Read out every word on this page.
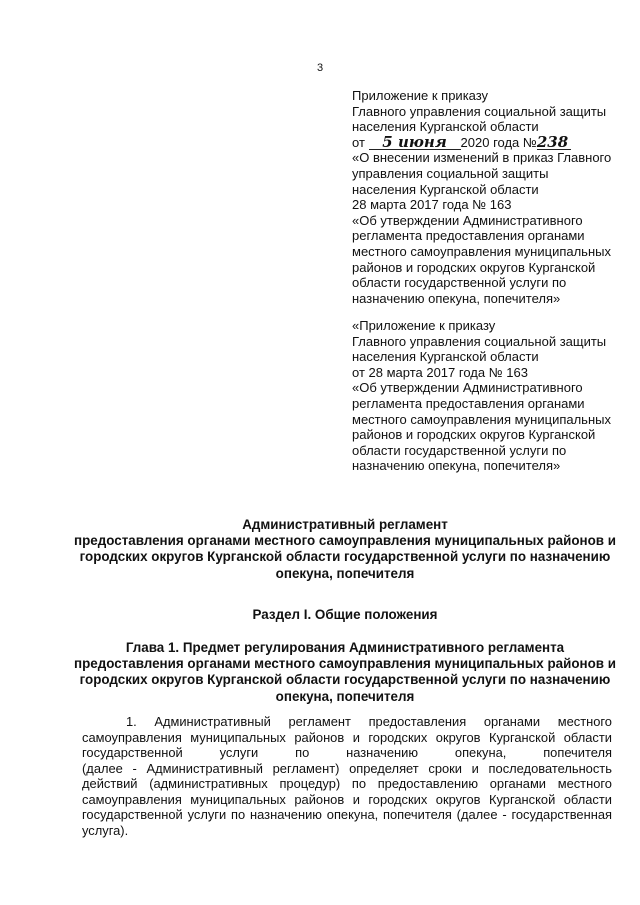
3
Приложение к приказу
Главного управления социальной защиты
населения Курганской области
от 5 июня 2020 года №238
«О внесении изменений в приказ Главного
управления социальной защиты
населения Курганской области
28 марта 2017 года № 163
«Об утверждении Административного
регламента предоставления органами
местного самоуправления муниципальных
районов и городских округов Курганской
области государственной услуги по
назначению опекуна, попечителя»
«Приложение к приказу
Главного управления социальной защиты
населения Курганской области
от 28 марта 2017 года № 163
«Об утверждении Административного
регламента предоставления органами
местного самоуправления муниципальных
районов и городских округов Курганской
области государственной услуги по
назначению опекуна, попечителя»
Административный регламент
предоставления органами местного самоуправления муниципальных районов и
городских округов Курганской области государственной услуги по назначению
опекуна, попечителя
Раздел I. Общие положения
Глава 1. Предмет регулирования Административного регламента
предоставления органами местного самоуправления муниципальных районов и
городских округов Курганской области государственной услуги по назначению
опекуна, попечителя
1. Административный регламент предоставления органами местного
самоуправления муниципальных районов и городских округов Курганской области
государственной	услуги	по	назначению	опекуна,	попечителя
(далее - Административный регламент) определяет сроки и последовательность
действий (административных процедур) по предоставлению органами местного
самоуправления муниципальных районов и городских округов Курганской области
государственной услуги по назначению опекуна, попечителя (далее - государственная
услуга).
